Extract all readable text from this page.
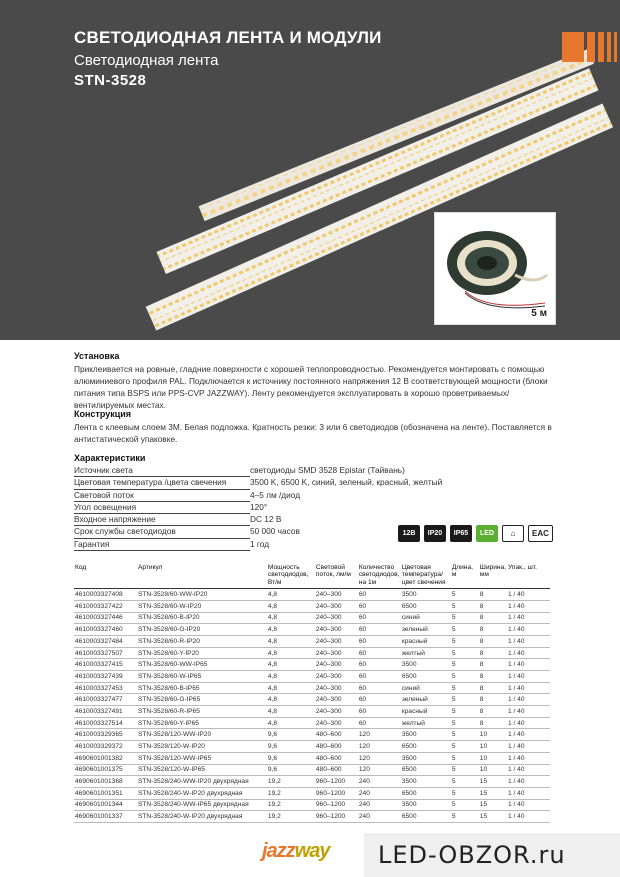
СВЕТОДИОДНАЯ ЛЕНТА И МОДУЛИ
Светодиодная лента
STN-3528
5 м
Установка

Приклеивается на ровные, гладние поверхности с хорошей теплопроводностью. Рекомендуется монтировать с помощью алюминиевого профиля PAL. Подключается к источнику постоянного напряжения 12 В соответствующей мощности (блоки питания типа BSPS или PPS-CVP JAZZWAY). Ленту рекомендуется эксплуатировать в хорошо проветриваемых/вентилируемых местах.

Конструкция

Лента с клеевым слоем 3М. Белая подложка. Кратность резки: 3 или 6 светодиодов (обозначена на ленте). Поставляется в антистатической упаковке.

Характеристики
Источник света	светодиоды SMD 3528 Epistar (Тайвань)
Цветовая температура /цвета свечения	3500 K, 6500 K, синий, зеленый, красный, желтый
Световой поток	4–5 лм /диод
Угол освещения	120°
Входное напряжение	DC 12 В
Срок службы светодиодов	50 000 часов
Гарантия	1 год
12В	IP20	IP65	LED	⌂	EAC
Код	Артикул	Мощность светодиодов, Вт/м	Световой поток, лм/м	Количество светодиодов, на 1м	Цветовая температура/ цвет свечения	Длина, м	Ширина, мм	Упак., шт.
4610003327408	STN-3528/60-WW-IP20	4,8	240–300	60	3500	5	8	1 / 40
4610003327422	STN-3528/60-W-IP20	4,8	240–300	60	6500	5	8	1 / 40
4610003327446	STN-3528/60-B-IP20	4,8	240–300	60	синий	5	8	1 / 40
4610003327460	STN-3528/60-G-IP20	4,8	240–300	60	зеленый	5	8	1 / 40
4610003327484	STN-3528/60-R-IP20	4,8	240–300	60	красный	5	8	1 / 40
4610003327507	STN-3528/60-Y-IP20	4,8	240–300	60	желтый	5	8	1 / 40
4610003327415	STN-3528/60-WW-IP65	4,8	240–300	60	3500	5	8	1 / 40
4610003327439	STN-3528/60-W-IP65	4,8	240–300	60	6500	5	8	1 / 40
4610003327453	STN-3528/60-B-IP65	4,8	240–300	60	синий	5	8	1 / 40
4610003327477	STN-3528/60-G-IP65	4,8	240–300	60	зеленый	5	8	1 / 40
4610003327491	STN-3528/60-R-IP65	4,8	240–300	60	красный	5	8	1 / 40
4610003327514	STN-3528/60-Y-IP65	4,8	240–300	60	желтый	5	8	1 / 40
4610003329365	STN-3528/120-WW-IP20	9,6	480–600	120	3500	5	10	1 / 40
4610003329372	STN-3528/120-W-IP20	9,6	480–600	120	6500	5	10	1 / 40
4690601001382	STN-3528/120-WW-IP65	9,6	480–600	120	3500	5	10	1 / 40
4690601001375	STN-3528/120-W-IP65	9,6	480–600	120	6500	5	10	1 / 40
4690601001368	STN-3528/240-WW-IP20 двухрядная	19,2	960–1200	240	3500	5	15	1 / 40
4690601001351	STN-3528/240-W-IP20 двухрядная	19,2	960–1200	240	6500	5	15	1 / 40
4690601001344	STN-3528/240-WW-IP65 двухрядная	19,2	960–1200	240	3500	5	15	1 / 40
4690601001337	STN-3528/240-W-IP20 двухрядная	19,2	960–1200	240	6500	5	15	1 / 40
jazzway	LED-OBZOR.ru
